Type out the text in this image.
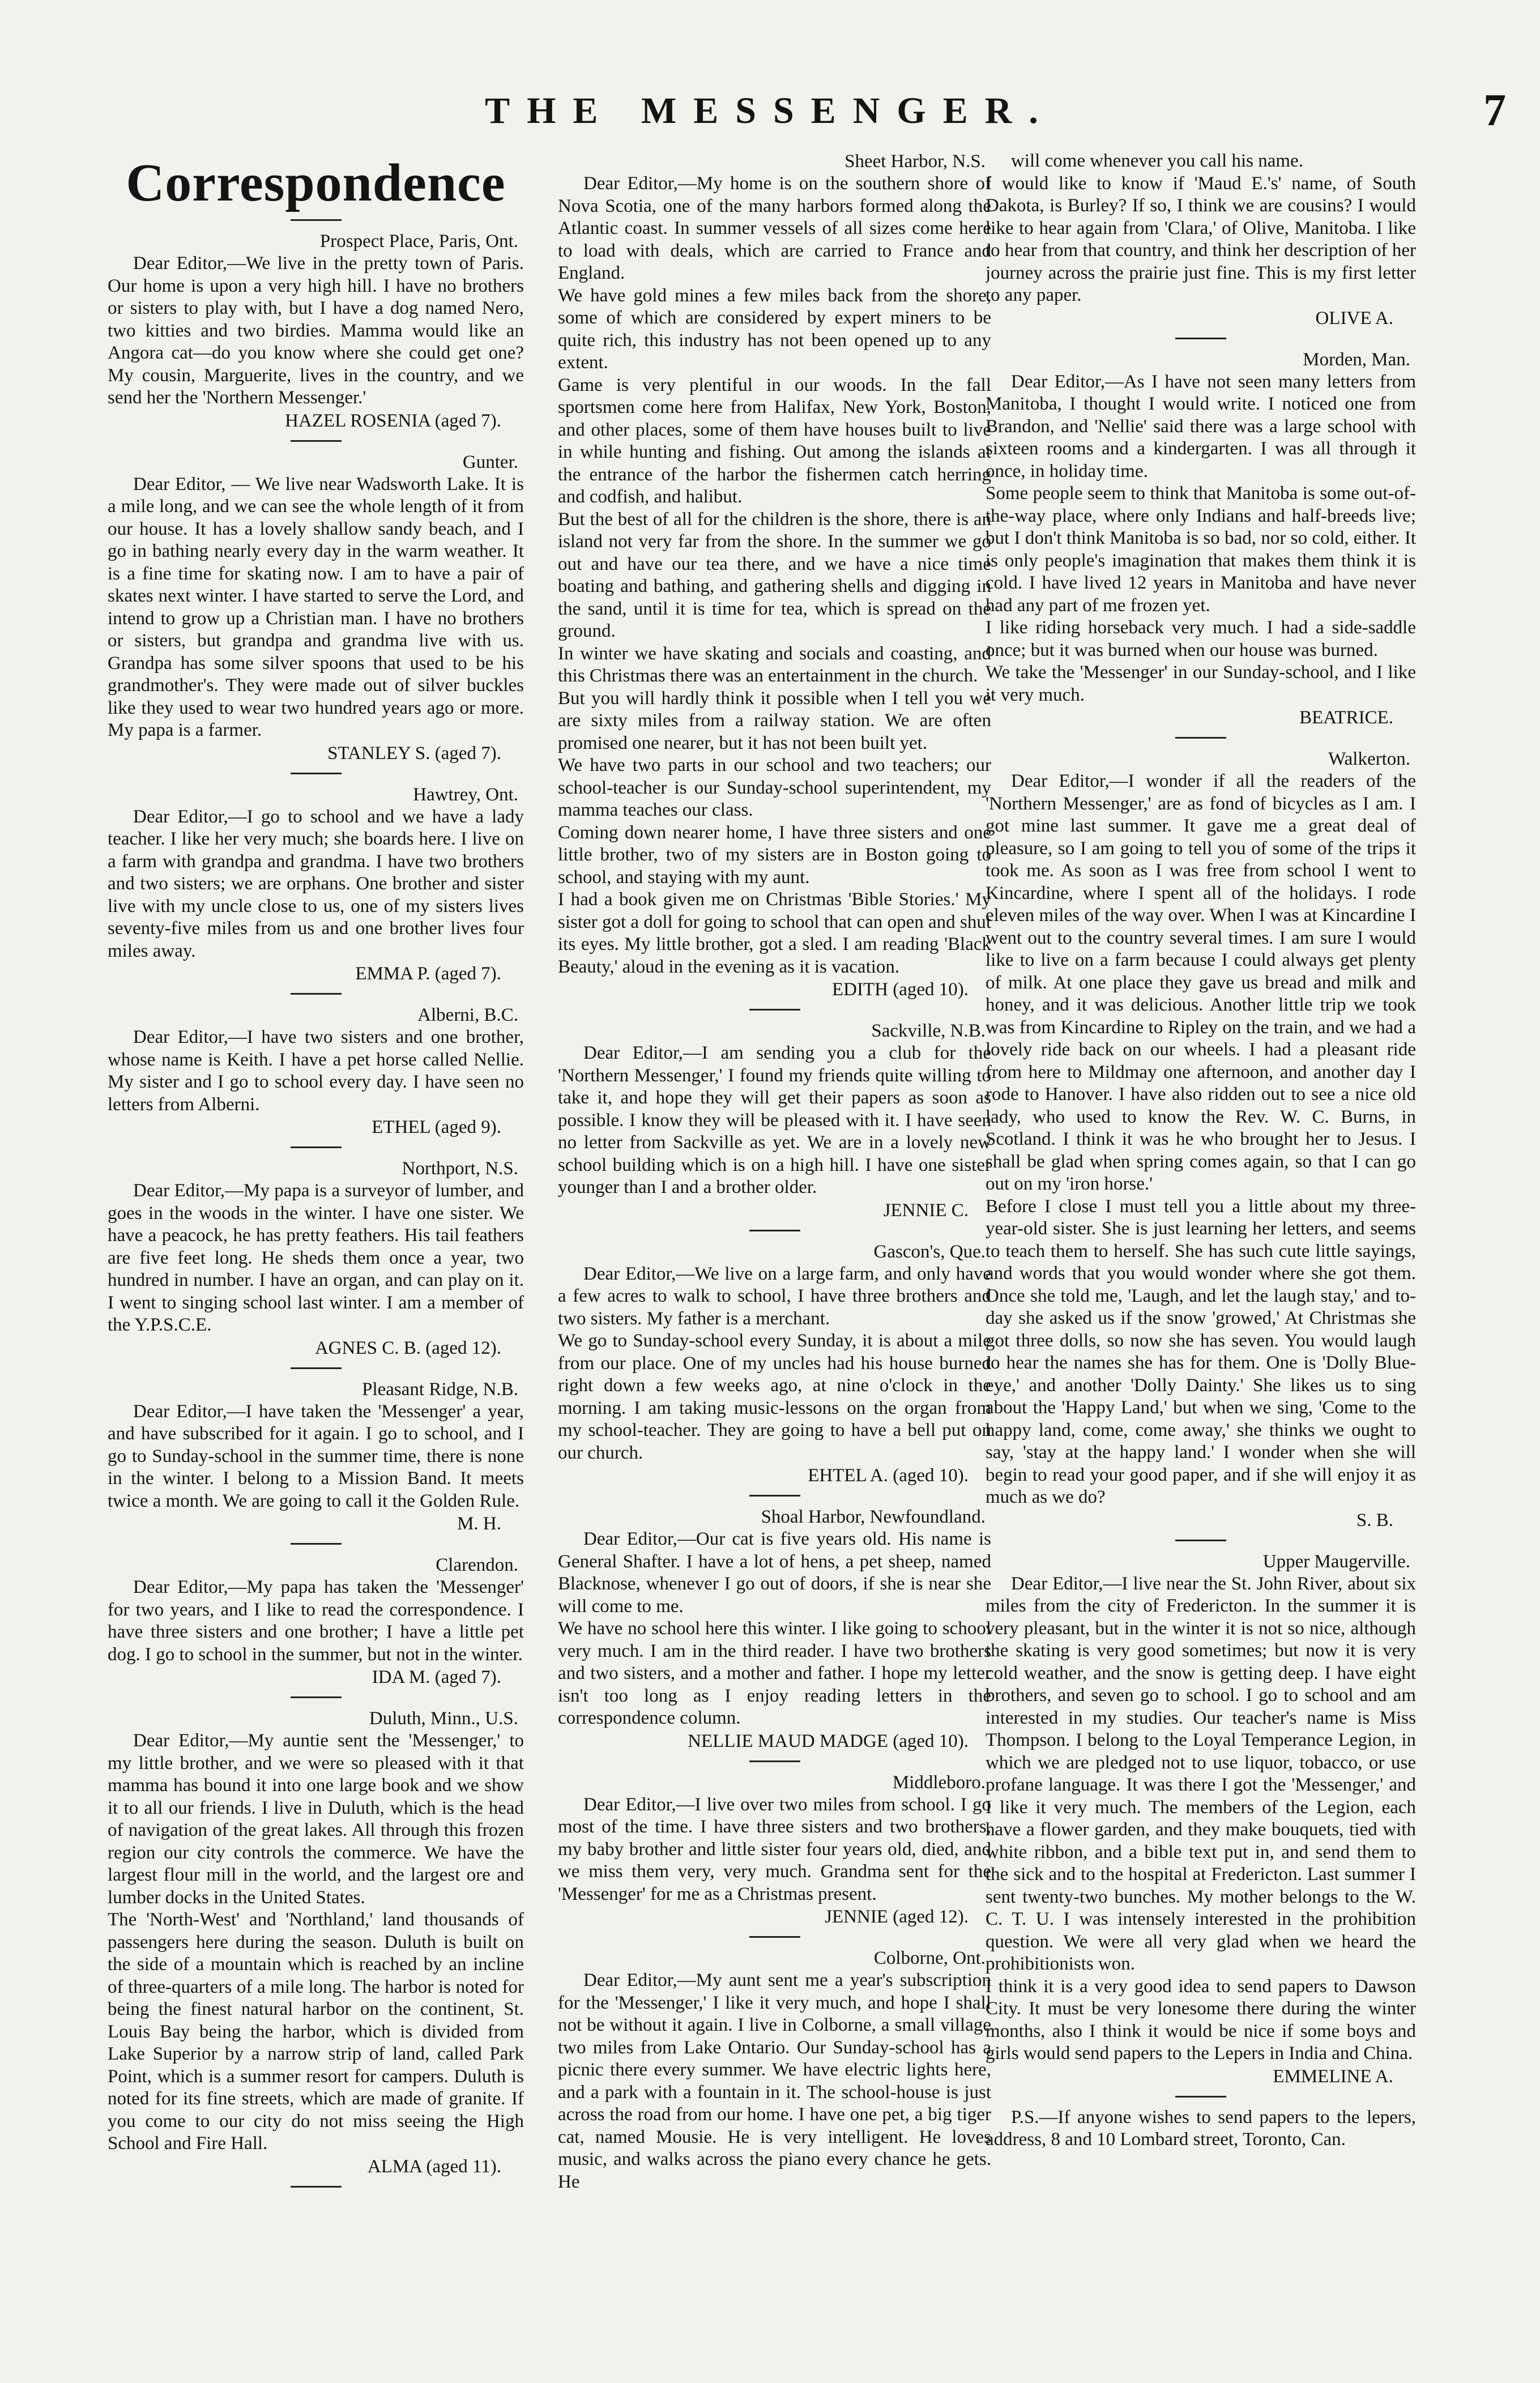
THE MESSENGER.	7
Correspondence
Prospect Place, Paris, Ont.
Dear Editor,—We live in the pretty town of Paris. Our home is upon a very high hill. I have no brothers or sisters to play with, but I have a dog named Nero, two kitties and two birdies. Mamma would like an Angora cat—do you know where she could get one? My cousin, Marguerite, lives in the country, and we send her the 'Northern Messenger.'
HAZEL ROSENIA (aged 7).
Gunter.
Dear Editor, — We live near Wadsworth Lake. It is a mile long, and we can see the whole length of it from our house. It has a lovely shallow sandy beach, and I go in bathing nearly every day in the warm weather. It is a fine time for skating now. I am to have a pair of skates next winter. I have started to serve the Lord, and intend to grow up a Christian man. I have no brothers or sisters, but grandpa and grandma live with us. Grandpa has some silver spoons that used to be his grandmother's. They were made out of silver buckles like they used to wear two hundred years ago or more. My papa is a farmer.
STANLEY S. (aged 7).
Hawtrey, Ont.
Dear Editor,—I go to school and we have a lady teacher. I like her very much; she boards here. I live on a farm with grandpa and grandma. I have two brothers and two sisters; we are orphans. One brother and sister live with my uncle close to us, one of my sisters lives seventy-five miles from us and one brother lives four miles away.
EMMA P. (aged 7).
Alberni, B.C.
Dear Editor,—I have two sisters and one brother, whose name is Keith. I have a pet horse called Nellie. My sister and I go to school every day. I have seen no letters from Alberni.
ETHEL (aged 9).
Northport, N.S.
Dear Editor,—My papa is a surveyor of lumber, and goes in the woods in the winter. I have one sister. We have a peacock, he has pretty feathers. His tail feathers are five feet long. He sheds them once a year, two hundred in number. I have an organ, and can play on it. I went to singing school last winter. I am a member of the Y.P.S.C.E.
AGNES C. B. (aged 12).
Pleasant Ridge, N.B.
Dear Editor,—I have taken the 'Messenger' a year, and have subscribed for it again. I go to school, and I go to Sunday-school in the summer time, there is none in the winter. I belong to a Mission Band. It meets twice a month. We are going to call it the Golden Rule.
M. H.
Clarendon.
Dear Editor,—My papa has taken the 'Messenger' for two years, and I like to read the correspondence. I have three sisters and one brother; I have a little pet dog. I go to school in the summer, but not in the winter.
IDA M. (aged 7).
Duluth, Minn., U.S.
Dear Editor,—My auntie sent the 'Messenger,' to my little brother, and we were so pleased with it that mamma has bound it into one large book and we show it to all our friends. I live in Duluth, which is the head of navigation of the great lakes. All through this frozen region our city controls the commerce. We have the largest flour mill in the world, and the largest ore and lumber docks in the United States.
The 'North-West' and 'Northland,' land thousands of passengers here during the season. Duluth is built on the side of a mountain which is reached by an incline of three-quarters of a mile long. The harbor is noted for being the finest natural harbor on the continent, St. Louis Bay being the harbor, which is divided from Lake Superior by a narrow strip of land, called Park Point, which is a summer resort for campers. Duluth is noted for its fine streets, which are made of granite. If you come to our city do not miss seeing the High School and Fire Hall.
ALMA (aged 11).
Sheet Harbor, N.S.
Dear Editor,—My home is on the southern shore of Nova Scotia, one of the many harbors formed along the Atlantic coast. In summer vessels of all sizes come here to load with deals, which are carried to France and England.
We have gold mines a few miles back from the shore, some of which are considered by expert miners to be quite rich, this industry has not been opened up to any extent.
Game is very plentiful in our woods. In the fall sportsmen come here from Halifax, New York, Boston, and other places, some of them have houses built to live in while hunting and fishing. Out among the islands at the entrance of the harbor the fishermen catch herring and codfish, and halibut.
But the best of all for the children is the shore, there is an island not very far from the shore. In the summer we go out and have our tea there, and we have a nice time boating and bathing, and gathering shells and digging in the sand, until it is time for tea, which is spread on the ground.
In winter we have skating and socials and coasting, and this Christmas there was an entertainment in the church.
But you will hardly think it possible when I tell you we are sixty miles from a railway station. We are often promised one nearer, but it has not been built yet.
We have two parts in our school and two teachers; our school-teacher is our Sunday-school superintendent, my mamma teaches our class.
Coming down nearer home, I have three sisters and one little brother, two of my sisters are in Boston going to school, and staying with my aunt.
I had a book given me on Christmas 'Bible Stories.' My sister got a doll for going to school that can open and shut its eyes. My little brother, got a sled. I am reading 'Black Beauty,' aloud in the evening as it is vacation.
EDITH (aged 10).
Sackville, N.B.
Dear Editor,—I am sending you a club for the 'Northern Messenger,' I found my friends quite willing to take it, and hope they will get their papers as soon as possible. I know they will be pleased with it. I have seen no letter from Sackville as yet. We are in a lovely new school building which is on a high hill. I have one sister younger than I and a brother older.
JENNIE C.
Gascon's, Que.
Dear Editor,—We live on a large farm, and only have a few acres to walk to school, I have three brothers and two sisters. My father is a merchant.
We go to Sunday-school every Sunday, it is about a mile from our place. One of my uncles had his house burned right down a few weeks ago, at nine o'clock in the morning. I am taking music-lessons on the organ from my school-teacher. They are going to have a bell put on our church.
EHTEL A. (aged 10).
Shoal Harbor, Newfoundland.
Dear Editor,—Our cat is five years old. His name is General Shafter. I have a lot of hens, a pet sheep, named Blacknose, whenever I go out of doors, if she is near she will come to me.
We have no school here this winter. I like going to school very much. I am in the third reader. I have two brothers and two sisters, and a mother and father. I hope my letter isn't too long as I enjoy reading letters in the correspondence column.
NELLIE MAUD MADGE (aged 10).
Middleboro.
Dear Editor,—I live over two miles from school. I go most of the time. I have three sisters and two brothers, my baby brother and little sister four years old, died, and we miss them very, very much. Grandma sent for the 'Messenger' for me as a Christmas present.
JENNIE (aged 12).
Colborne, Ont.
Dear Editor,—My aunt sent me a year's subscription for the 'Messenger,' I like it very much, and hope I shall not be without it again. I live in Colborne, a small village two miles from Lake Ontario. Our Sunday-school has a picnic there every summer. We have electric lights here, and a park with a fountain in it. The school-house is just across the road from our home. I have one pet, a big tiger cat, named Mousie. He is very intelligent. He loves music, and walks across the piano every chance he gets. He
will come whenever you call his name.
I would like to know if 'Maud E.'s' name, of South Dakota, is Burley? If so, I think we are cousins? I would like to hear again from 'Clara,' of Olive, Manitoba. I like to hear from that country, and think her description of her journey across the prairie just fine. This is my first letter to any paper.
OLIVE A.
Morden, Man.
Dear Editor,—As I have not seen many letters from Manitoba, I thought I would write. I noticed one from Brandon, and 'Nellie' said there was a large school with sixteen rooms and a kindergarten. I was all through it once, in holiday time.
Some people seem to think that Manitoba is some out-of-the-way place, where only Indians and half-breeds live; but I don't think Manitoba is so bad, nor so cold, either. It is only people's imagination that makes them think it is cold. I have lived 12 years in Manitoba and have never had any part of me frozen yet.
I like riding horseback very much. I had a side-saddle once; but it was burned when our house was burned.
We take the 'Messenger' in our Sunday-school, and I like it very much.
BEATRICE.
Walkerton.
Dear Editor,—I wonder if all the readers of the 'Northern Messenger,' are as fond of bicycles as I am. I got mine last summer. It gave me a great deal of pleasure, so I am going to tell you of some of the trips it took me. As soon as I was free from school I went to Kincardine, where I spent all of the holidays. I rode eleven miles of the way over. When I was at Kincardine I went out to the country several times. I am sure I would like to live on a farm because I could always get plenty of milk. At one place they gave us bread and milk and honey, and it was delicious. Another little trip we took was from Kincardine to Ripley on the train, and we had a lovely ride back on our wheels. I had a pleasant ride from here to Mildmay one afternoon, and another day I rode to Hanover. I have also ridden out to see a nice old lady, who used to know the Rev. W. C. Burns, in Scotland. I think it was he who brought her to Jesus. I shall be glad when spring comes again, so that I can go out on my 'iron horse.'
Before I close I must tell you a little about my three-year-old sister. She is just learning her letters, and seems to teach them to herself. She has such cute little sayings, and words that you would wonder where she got them. Once she told me, 'Laugh, and let the laugh stay,' and to-day she asked us if the snow 'growed,' At Christmas she got three dolls, so now she has seven. You would laugh to hear the names she has for them. One is 'Dolly Blue-eye,' and another 'Dolly Dainty.' She likes us to sing about the 'Happy Land,' but when we sing, 'Come to the happy land, come, come away,' she thinks we ought to say, 'stay at the happy land.' I wonder when she will begin to read your good paper, and if she will enjoy it as much as we do?
S. B.
Upper Maugerville.
Dear Editor,—I live near the St. John River, about six miles from the city of Fredericton. In the summer it is very pleasant, but in the winter it is not so nice, although the skating is very good sometimes; but now it is very cold weather, and the snow is getting deep. I have eight brothers, and seven go to school. I go to school and am interested in my studies. Our teacher's name is Miss Thompson. I belong to the Loyal Temperance Legion, in which we are pledged not to use liquor, tobacco, or use profane language. It was there I got the 'Messenger,' and I like it very much. The members of the Legion, each have a flower garden, and they make bouquets, tied with white ribbon, and a bible text put in, and send them to the sick and to the hospital at Fredericton. Last summer I sent twenty-two bunches. My mother belongs to the W. C. T. U. I was intensely interested in the prohibition question. We were all very glad when we heard the prohibitionists won.
I think it is a very good idea to send papers to Dawson City. It must be very lonesome there during the winter months, also I think it would be nice if some boys and girls would send papers to the Lepers in India and China.
EMMELINE A.
P.S.—If anyone wishes to send papers to the lepers, address, 8 and 10 Lombard street, Toronto, Can.
